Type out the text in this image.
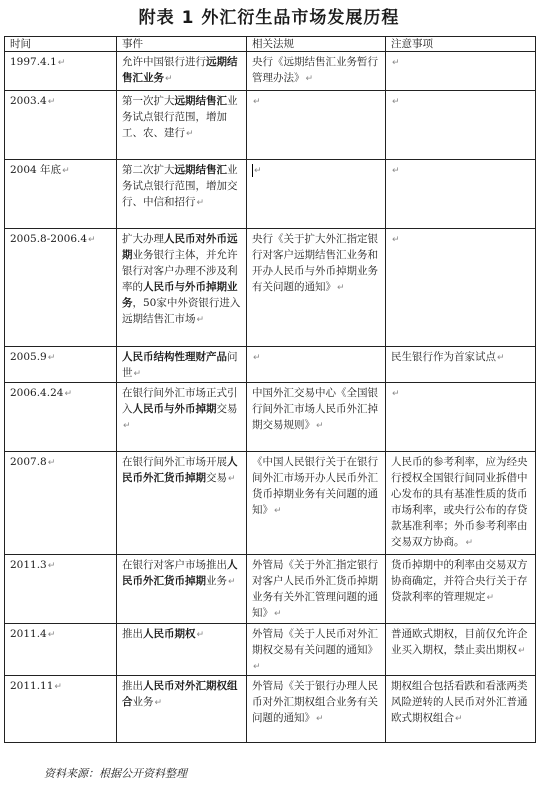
附表 1 外汇衍生品市场发展历程
时间	事件	相关法规	注意事项
1997.4.1↵	允许中国银行进行远期结售汇业务↵	央行《远期结售汇业务暂行管理办法》↵	↵
2003.4↵	第一次扩大远期结售汇业务试点银行范围，增加工、农、建行↵	↵	↵
2004 年底↵	第二次扩大远期结售汇业务试点银行范围，增加交行、中信和招行↵	↵	↵
2005.8-2006.4↵	扩大办理人民币对外币远期业务银行主体，并允许银行对客户办理不涉及利率的人民币与外币掉期业务，50家中外资银行进入远期结售汇市场↵	央行《关于扩大外汇指定银行对客户远期结售汇业务和开办人民币与外币掉期业务有关问题的通知》↵	↵
2005.9↵	人民币结构性理财产品问世↵	↵	民生银行作为首家试点↵
2006.4.24↵	在银行间外汇市场正式引入人民币与外币掉期交易↵	中国外汇交易中心《全国银行间外汇市场人民币外汇掉期交易规则》↵	↵
2007.8↵	在银行间外汇市场开展人民币外汇货币掉期交易↵	《中国人民银行关于在银行间外汇市场开办人民币外汇货币掉期业务有关问题的通知》↵	人民币的参考利率，应为经央行授权全国银行间同业拆借中心发布的具有基准性质的货币市场利率，或央行公布的存贷款基准利率；外币参考利率由交易双方协商。↵
2011.3↵	在银行对客户市场推出人民币外汇货币掉期业务↵	外管局《关于外汇指定银行对客户人民币外汇货币掉期业务有关外汇管理问题的通知》↵	货币掉期中的利率由交易双方协商确定，并符合央行关于存贷款利率的管理规定↵
2011.4↵	推出人民币期权↵	外管局《关于人民币对外汇期权交易有关问题的通知》↵	普通欧式期权，目前仅允许企业买入期权，禁止卖出期权↵
2011.11↵	推出人民币对外汇期权组合业务↵	外管局《关于银行办理人民币对外汇期权组合业务有关问题的通知》↵	期权组合包括看跌和看涨两类风险逆转的人民币对外汇普通欧式期权组合↵
资料来源：根据公开资料整理
